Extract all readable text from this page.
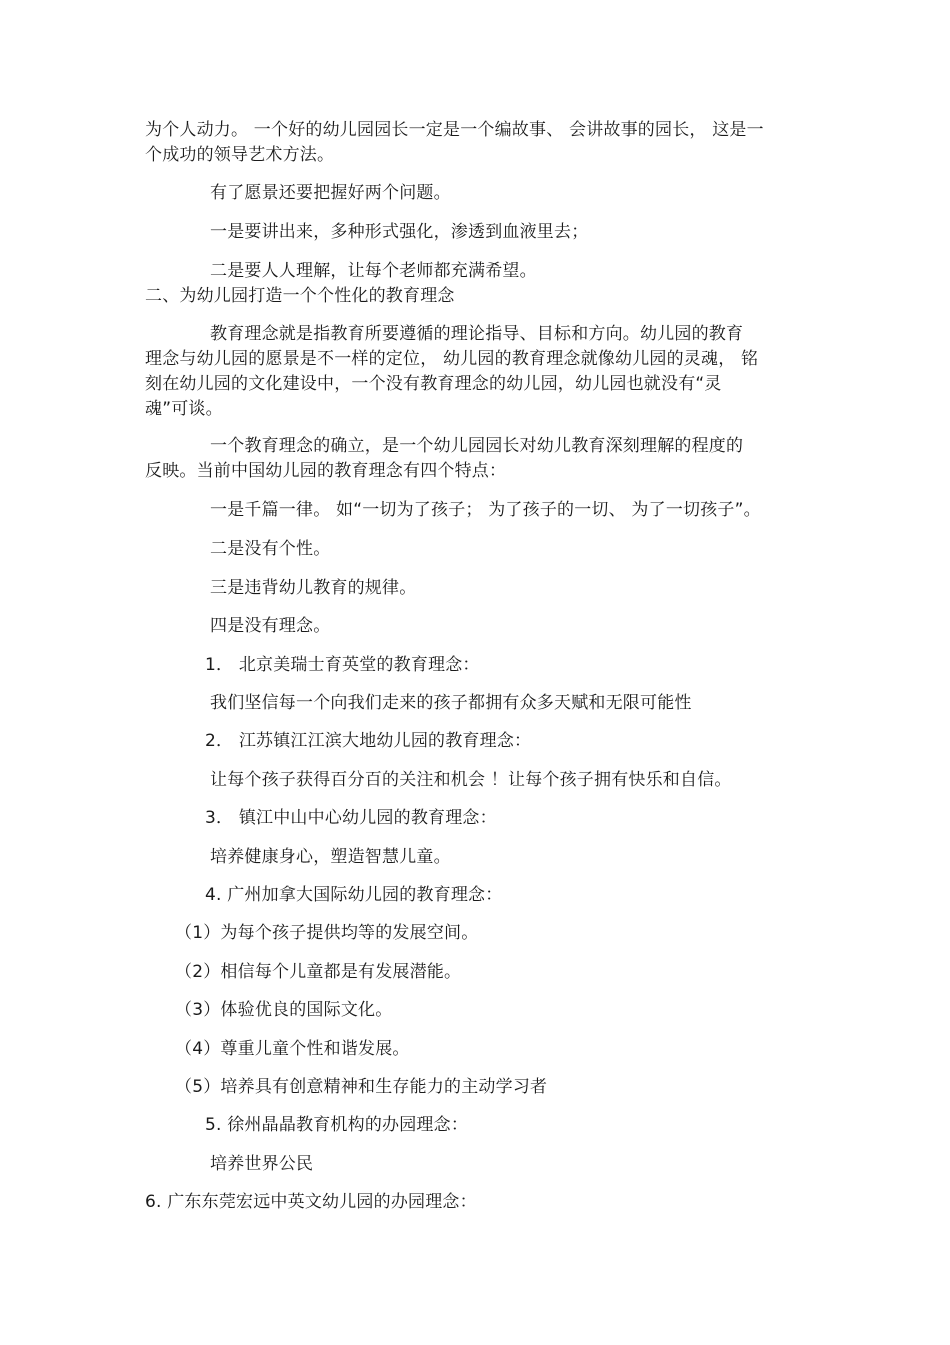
为个人动力。 一个好的幼儿园园长一定是一个编故事、 会讲故事的园长， 这是一

个成功的领导艺术方法。

有了愿景还要把握好两个问题。

一是要讲出来，多种形式强化，渗透到血液里去；

二是要人人理解，让每个老师都充满希望。

二、为幼儿园打造一个个性化的教育理念

教育理念就是指教育所要遵循的理论指导、目标和方向。幼儿园的教育

理念与幼儿园的愿景是不一样的定位， 幼儿园的教育理念就像幼儿园的灵魂， 铭

刻在幼儿园的文化建设中，一个没有教育理念的幼儿园，幼儿园也就没有“灵

魂”可谈。

一个教育理念的确立，是一个幼儿园园长对幼儿教育深刻理解的程度的

反映。当前中国幼儿园的教育理念有四个特点：

一是千篇一律。 如“一切为了孩子； 为了孩子的一切、 为了一切孩子”。

二是没有个性。

三是违背幼儿教育的规律。

四是没有理念。

1． 北京美瑞士育英堂的教育理念：

我们坚信每一个向我们走来的孩子都拥有众多天赋和无限可能性

2． 江苏镇江江滨大地幼儿园的教育理念：

让每个孩子获得百分百的关注和机会 ！让每个孩子拥有快乐和自信。

3． 镇江中山中心幼儿园的教育理念：

培养健康身心，塑造智慧儿童。

4. 广州加拿大国际幼儿园的教育理念：

（1）为每个孩子提供均等的发展空间。

（2）相信每个儿童都是有发展潜能。

（3）体验优良的国际文化。

（4）尊重儿童个性和谐发展。

（5）培养具有创意精神和生存能力的主动学习者

5. 徐州晶晶教育机构的办园理念：

培养世界公民

6. 广东东莞宏远中英文幼儿园的办园理念：
